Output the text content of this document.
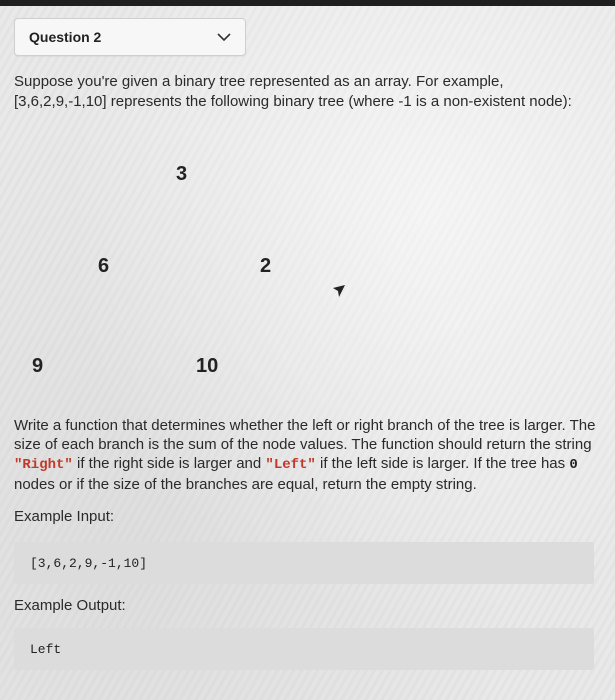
Question 2
Suppose you're given a binary tree represented as an array. For example,
[3,6,2,9,-1,10] represents the following binary tree (where -1 is a non-existent node):
3
6	2
9	10
Write a function that determines whether the left or right branch of the tree is larger. The size of each branch is the sum of the node values. The function should return the string "Right" if the right side is larger and "Left" if the left side is larger. If the tree has 0 nodes or if the size of the branches are equal, return the empty string.
Example Input:
[3,6,2,9,-1,10]
Example Output:
Left
